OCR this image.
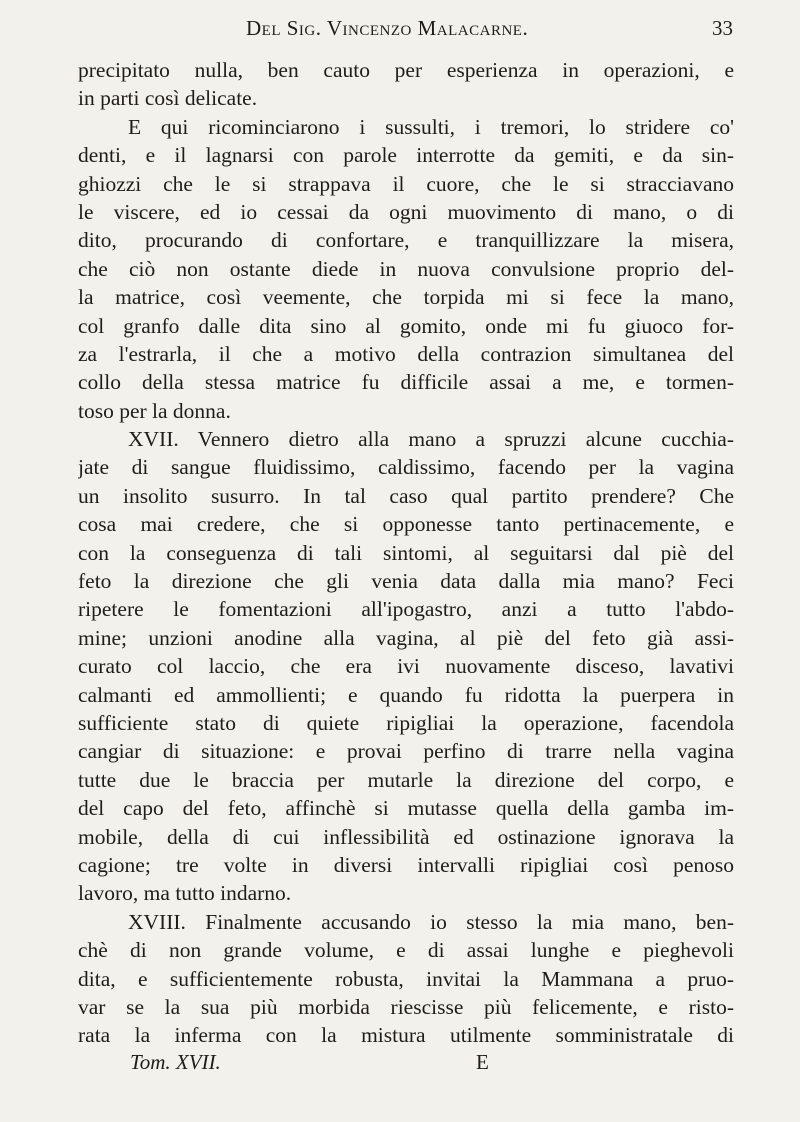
Del Sig. Vincenzo Malacarne.	33
precipitato nulla, ben cauto per esperienza in operazioni, e
in parti così delicate.
E qui ricominciarono i sussulti, i tremori, lo stridere co'
denti, e il lagnarsi con parole interrotte da gemiti, e da sin-
ghiozzi che le si strappava il cuore, che le si stracciavano
le viscere, ed io cessai da ogni muovimento di mano, o di
dito, procurando di confortare, e tranquillizzare la misera,
che ciò non ostante diede in nuova convulsione proprio del-
la matrice, così veemente, che torpida mi si fece la mano,
col granfo dalle dita sino al gomito, onde mi fu giuoco for-
za l'estrarla, il che a motivo della contrazion simultanea del
collo della stessa matrice fu difficile assai a me, e tormen-
toso per la donna.
XVII. Vennero dietro alla mano a spruzzi alcune cucchia-
jate di sangue fluidissimo, caldissimo, facendo per la vagina
un insolito susurro. In tal caso qual partito prendere? Che
cosa mai credere, che si opponesse tanto pertinacemente, e
con la conseguenza di tali sintomi, al seguitarsi dal piè del
feto la direzione che gli venia data dalla mia mano? Feci
ripetere le fomentazioni all'ipogastro, anzi a tutto l'abdo-
mine; unzioni anodine alla vagina, al piè del feto già assi-
curato col laccio, che era ivi nuovamente disceso, lavativi
calmanti ed ammollienti; e quando fu ridotta la puerpera in
sufficiente stato di quiete ripigliai la operazione, facendola
cangiar di situazione: e provai perfino di trarre nella vagina
tutte due le braccia per mutarle la direzione del corpo, e
del capo del feto, affinchè si mutasse quella della gamba im-
mobile, della di cui inflessibilità ed ostinazione ignorava la
cagione; tre volte in diversi intervalli ripigliai così penoso
lavoro, ma tutto indarno.
XVIII. Finalmente accusando io stesso la mia mano, ben-
chè di non grande volume, e di assai lunghe e pieghevoli
dita, e sufficientemente robusta, invitai la Mammana a pruo-
var se la sua più morbida riescisse più felicemente, e risto-
rata la inferma con la mistura utilmente somministratale di
Tom. XVII.	E
